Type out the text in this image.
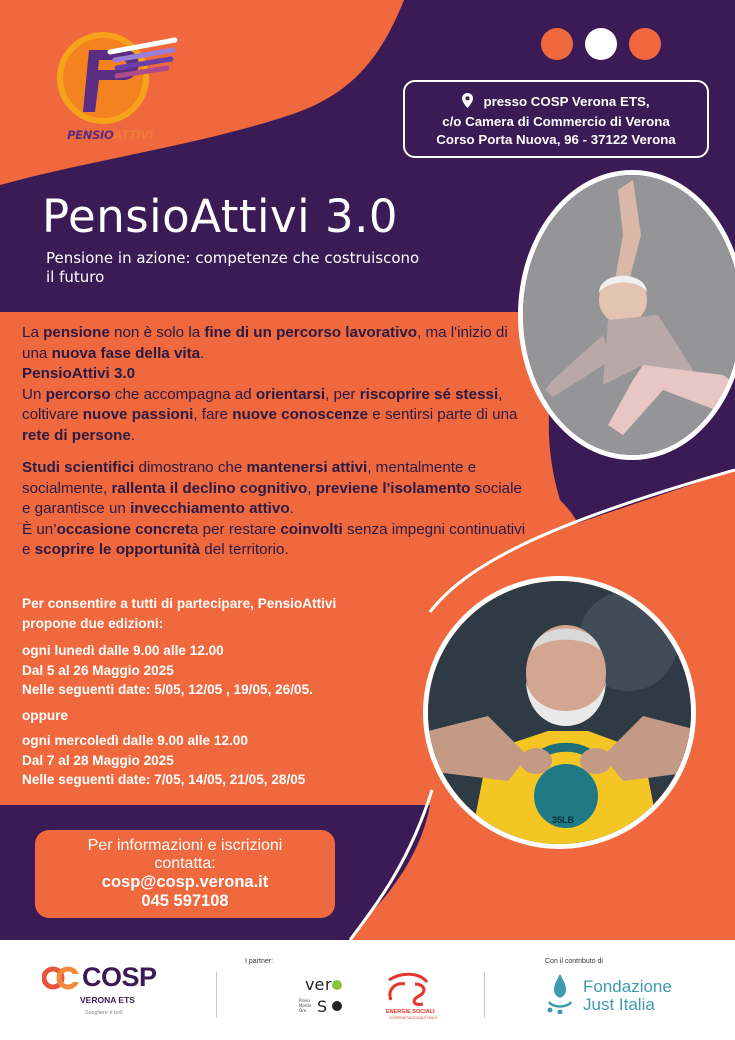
PENSIOATTIVI
presso COSP Verona ETS,
c/o Camera di Commercio di Verona
Corso Porta Nuova, 96 - 37122 Verona
PensioAttivi 3.0
Pensione in azione: competenze che costruiscono il futuro

La pensione non è solo la fine di un percorso lavorativo, ma l'inizio di una nuova fase della vita.

PensioAttivi 3.0

Un percorso che accompagna ad orientarsi, per riscoprire sé stessi, coltivare nuove passioni, fare nuove conoscenze e sentirsi parte di una rete di persone.

Studi scientifici dimostrano che mantenersi attivi, mentalmente e socialmente, rallenta il declino cognitivo, previene l'isolamento sociale e garantisce un invecchiamento attivo.

È un’occasione concreta per restare coinvolti senza impegni continuativi e scoprire le opportunità del territorio.

Per consentire a tutti di partecipare, PensioAttivi
propone due edizioni:
ogni lunedì dalle 9.00 alle 12.00
Dal 5 al 26 Maggio 2025
Nelle seguenti date: 5/05, 12/05 , 19/05, 26/05.
oppure
ogni mercoledì dalle 9.00 alle 12.00
Dal 7 al 28 Maggio 2025
Nelle seguenti date: 7/05, 14/05, 21/05, 28/05
35LB
Per informazioni e iscrizioni
contatta:
cosp@cosp.verona.it
045 597108
COSP
VERONA ETS
Scegliere è poll
I partner:
ve r
S
Piano
Monte
Ore	ENERGIE SOCIALI
COOPERATIVA SOCIALE ONLUS
Con il contributo di
Fondazione
Just Italia
